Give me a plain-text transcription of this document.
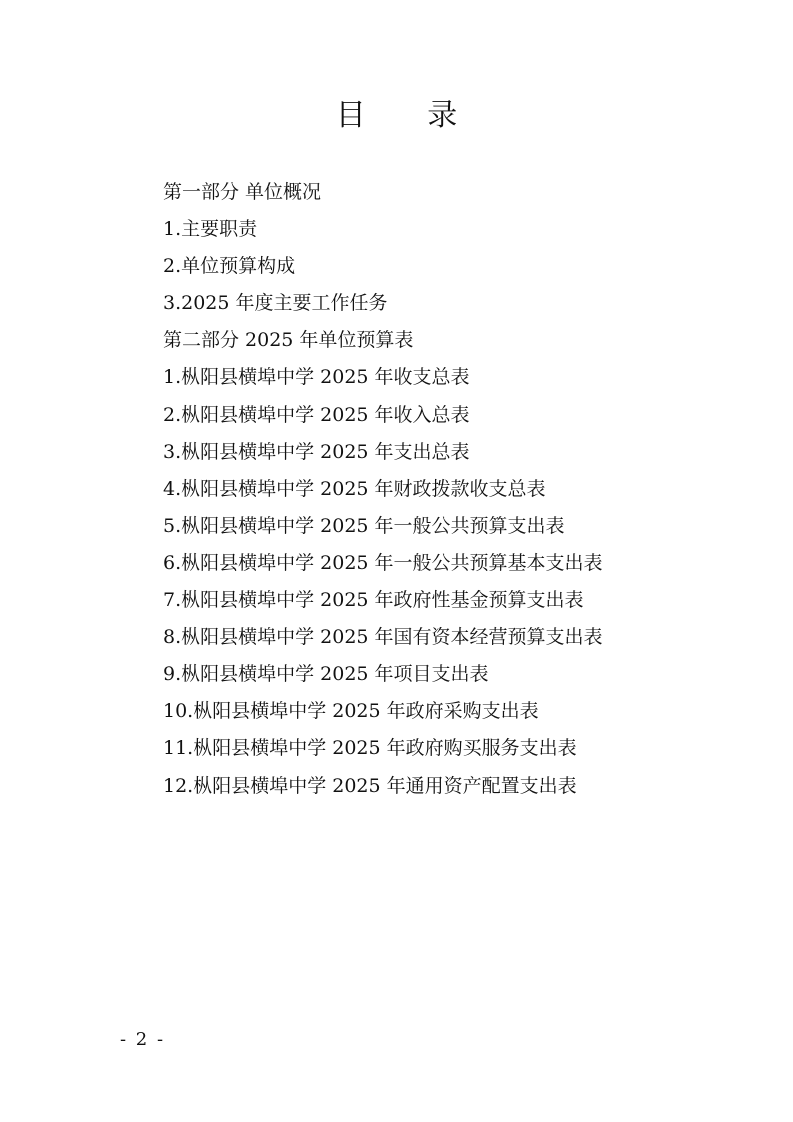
目 录
第一部分 单位概况
1.主要职责
2.单位预算构成
3.2025 年度主要工作任务
第二部分 2025 年单位预算表
1.枞阳县横埠中学 2025 年收支总表
2.枞阳县横埠中学 2025 年收入总表
3.枞阳县横埠中学 2025 年支出总表
4.枞阳县横埠中学 2025 年财政拨款收支总表
5.枞阳县横埠中学 2025 年一般公共预算支出表
6.枞阳县横埠中学 2025 年一般公共预算基本支出表
7.枞阳县横埠中学 2025 年政府性基金预算支出表
8.枞阳县横埠中学 2025 年国有资本经营预算支出表
9.枞阳县横埠中学 2025 年项目支出表
10.枞阳县横埠中学 2025 年政府采购支出表
11.枞阳县横埠中学 2025 年政府购买服务支出表
12.枞阳县横埠中学 2025 年通用资产配置支出表
- 2 -
